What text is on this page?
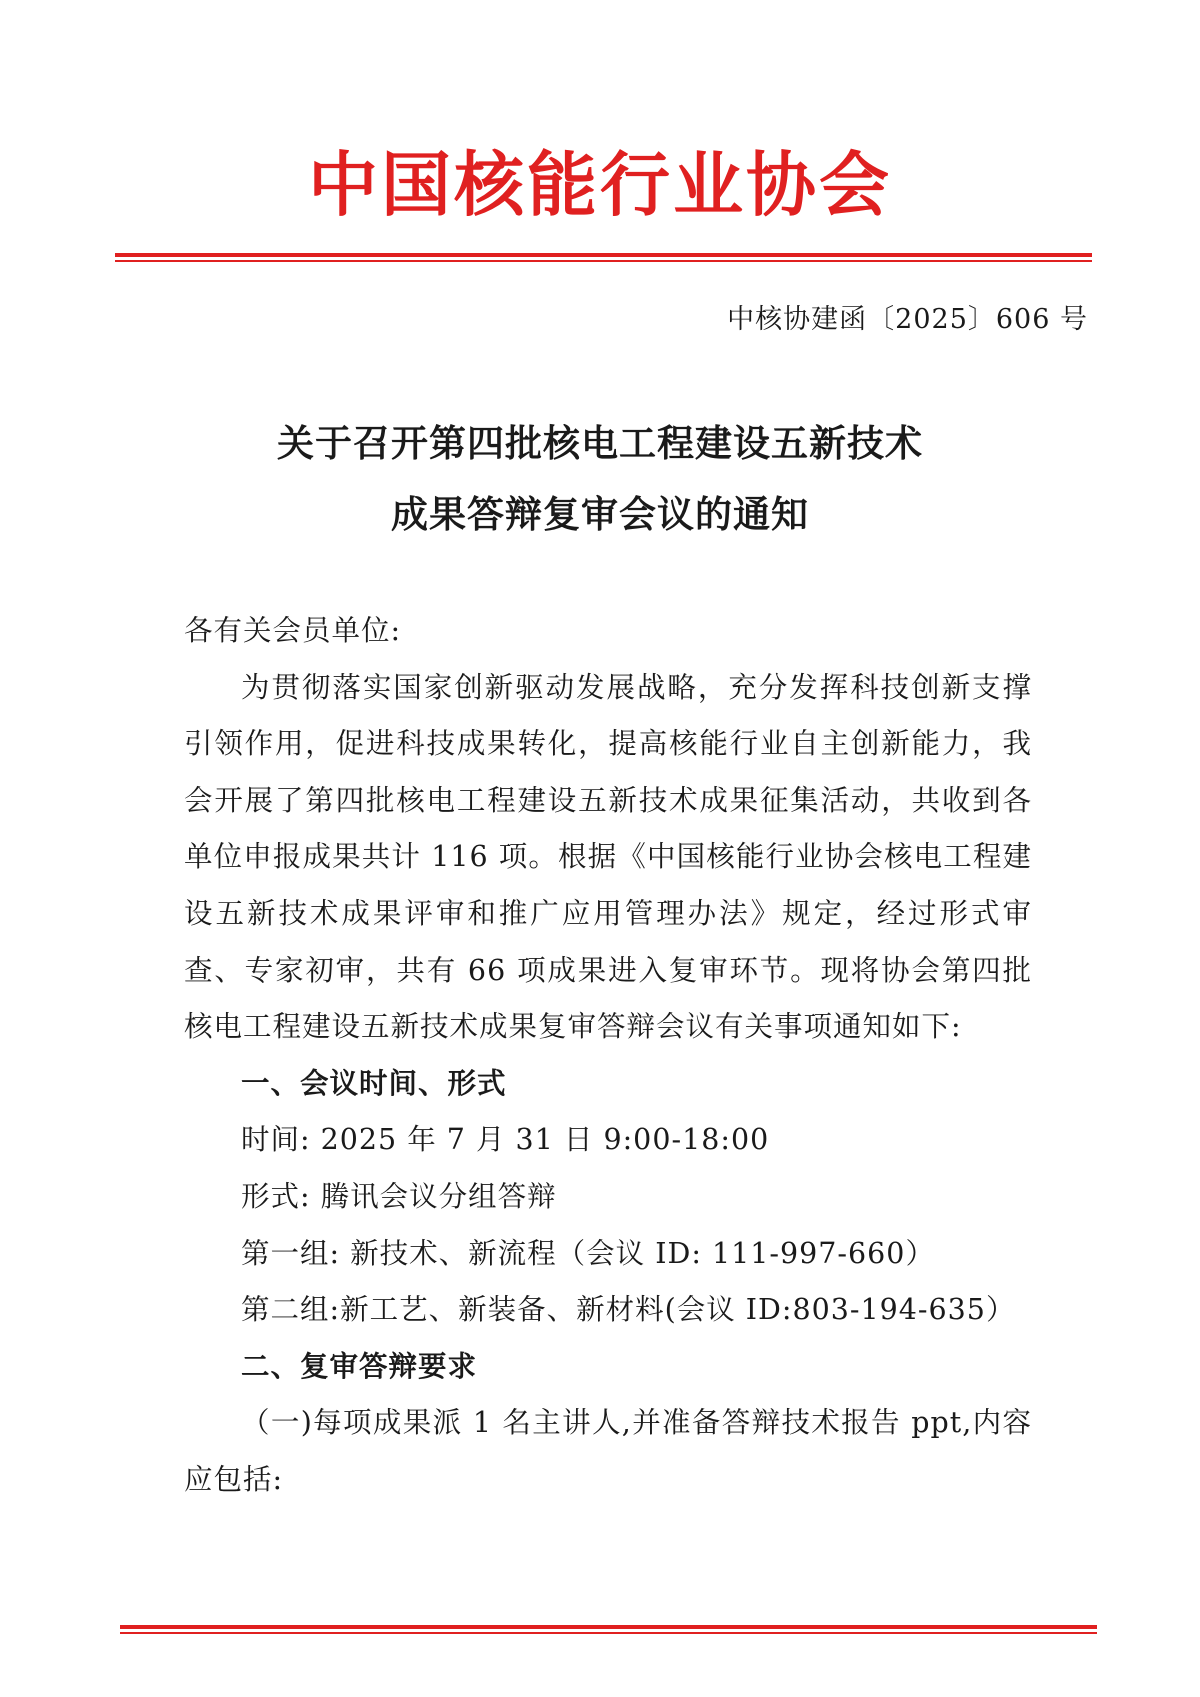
中国核能行业协会
中核协建函〔2025〕606 号
关于召开第四批核电工程建设五新技术
成果答辩复审会议的通知

各有关会员单位:

为贯彻落实国家创新驱动发展战略，充分发挥科技创新支撑引领作用，促进科技成果转化，提高核能行业自主创新能力，我会开展了第四批核电工程建设五新技术成果征集活动，共收到各单位申报成果共计 116 项。根据《中国核能行业协会核电工程建设五新技术成果评审和推广应用管理办法》规定，经过形式审查、专家初审，共有 66 项成果进入复审环节。现将协会第四批核电工程建设五新技术成果复审答辩会议有关事项通知如下:

一、会议时间、形式

时间: 2025 年 7 月 31 日 9:00-18:00

形式: 腾讯会议分组答辩

第一组: 新技术、新流程（会议 ID: 111-997-660）

第二组:新工艺、新装备、新材料(会议 ID:803-194-635）

二、复审答辩要求

（一)每项成果派 1 名主讲人,并准备答辩技术报告 ppt,内容应包括:
